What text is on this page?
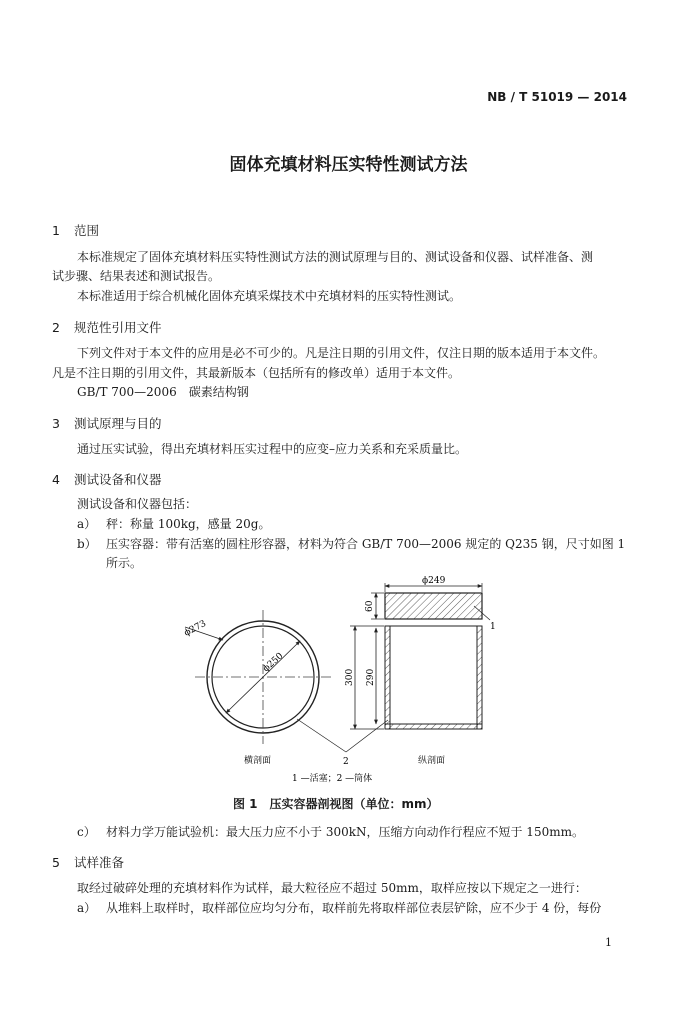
NB / T 51019 — 2014
固体充填材料压实特性测试方法
1 范围
本标准规定了固体充填材料压实特性测试方法的测试原理与目的、测试设备和仪器、试样准备、测
试步骤、结果表述和测试报告。
本标准适用于综合机械化固体充填采煤技术中充填材料的压实特性测试。
2 规范性引用文件
下列文件对于本文件的应用是必不可少的。凡是注日期的引用文件，仅注日期的版本适用于本文件。
凡是不注日期的引用文件，其最新版本（包括所有的修改单）适用于本文件。
GB/T 700—2006　碳素结构钢
3 测试原理与目的
通过压实试验，得出充填材料压实过程中的应变–应力关系和充采质量比。
4 测试设备和仪器
测试设备和仪器包括：
a） 秤：称量 100kg，感量 20g。
b） 压实容器：带有活塞的圆柱形容器，材料为符合 GB/T 700—2006 规定的 Q235 钢，尺寸如图 1
所示。
ϕ273
ϕ250
ϕ249
60
300 290
1
2
横剖面	纵剖面
1 —活塞；2 —筒体
图 1　压实容器剖视图（单位：mm）
c） 材料力学万能试验机：最大压力应不小于 300kN，压缩方向动作行程应不短于 150mm。
5 试样准备
取经过破碎处理的充填材料作为试样，最大粒径应不超过 50mm，取样应按以下规定之一进行：
a） 从堆料上取样时，取样部位应均匀分布，取样前先将取样部位表层铲除，应不少于 4 份，每份
1
